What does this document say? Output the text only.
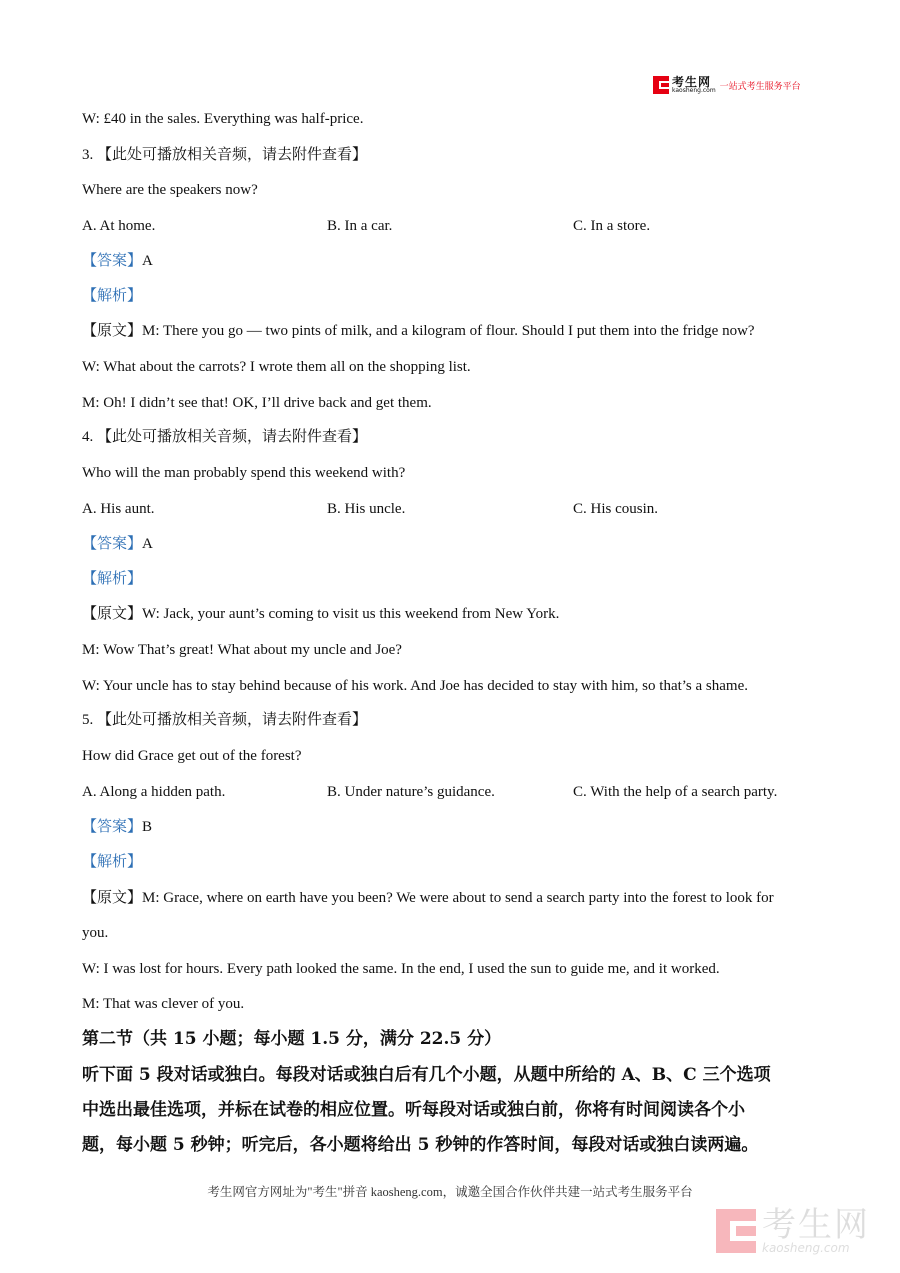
考生网
kaosheng.com 一站式考生服务平台
W: £40 in the sales. Everything was half-price.
3. 【此处可播放相关音频，请去附件查看】
Where are the speakers now?
A. At home.	B. In a car.	C. In a store.
【答案】A
【解析】
【原文】M: There you go — two pints of milk, and a kilogram of flour. Should I put them into the fridge now?
W: What about the carrots? I wrote them all on the shopping list.
M: Oh! I didn’t see that! OK, I’ll drive back and get them.
4. 【此处可播放相关音频，请去附件查看】
Who will the man probably spend this weekend with?
A. His aunt.	B. His uncle.	C. His cousin.
【答案】A
【解析】
【原文】W: Jack, your aunt’s coming to visit us this weekend from New York.
M: Wow That’s great! What about my uncle and Joe?
W: Your uncle has to stay behind because of his work. And Joe has decided to stay with him, so that’s a shame.
5. 【此处可播放相关音频，请去附件查看】
How did Grace get out of the forest?
A. Along a hidden path.	B. Under nature’s guidance.	C. With the help of a search party.
【答案】B
【解析】
【原文】M: Grace, where on earth have you been? We were about to send a search party into the forest to look for
you.
W: I was lost for hours. Every path looked the same. In the end, I used the sun to guide me, and it worked.
M: That was clever of you.
第二节（共 15 小题；每小题 1.5 分，满分 22.5 分）
听下面 5 段对话或独白。每段对话或独白后有几个小题，从题中所给的 A、B、C 三个选项
中选出最佳选项，并标在试卷的相应位置。听每段对话或独白前，你将有时间阅读各个小
题，每小题 5 秒钟；听完后，各小题将给出 5 秒钟的作答时间，每段对话或独白读两遍。
考生网官方网址为"考生"拼音 kaosheng.com，诚邀全国合作伙伴共建一站式考生服务平台
考生网
kaosheng.com
